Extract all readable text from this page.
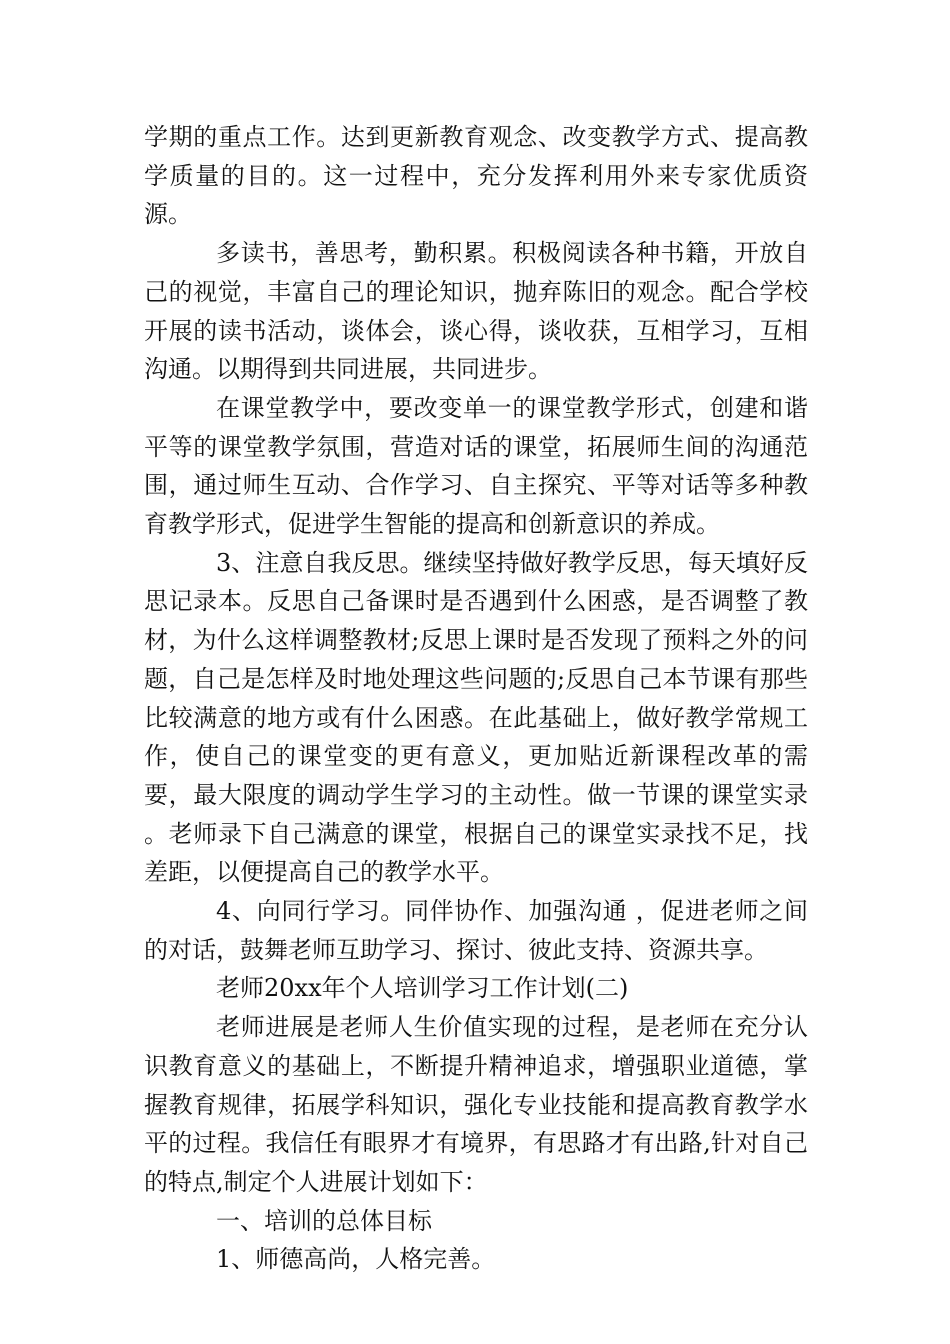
学期的重点工作。达到更新教育观念、改变教学方式、提高教学质量的目的。这一过程中，充分发挥利用外来专家优质资源。

多读书，善思考，勤积累。积极阅读各种书籍，开放自己的视觉，丰富自己的理论知识，抛弃陈旧的观念。配合学校开展的读书活动，谈体会，谈心得，谈收获，互相学习，互相沟通。以期得到共同进展，共同进步。

在课堂教学中，要改变单一的课堂教学形式，创建和谐平等的课堂教学氛围，营造对话的课堂，拓展师生间的沟通范围，通过师生互动、合作学习、自主探究、平等对话等多种教育教学形式，促进学生智能的提高和创新意识的养成。

3、注意自我反思。继续坚持做好教学反思，每天填好反思记录本。反思自己备课时是否遇到什么困惑，是否调整了教材，为什么这样调整教材;反思上课时是否发现了预料之外的问题，自己是怎样及时地处理这些问题的;反思自己本节课有那些比较满意的地方或有什么困惑。在此基础上，做好教学常规工作，使自己的课堂变的更有意义，更加贴近新课程改革的需要，最大限度的调动学生学习的主动性。做一节课的课堂实录 。老师录下自己满意的课堂，根据自己的课堂实录找不足，找差距，以便提高自己的教学水平。

4、向同行学习。同伴协作、加强沟通 ，促进老师之间的对话，鼓舞老师互助学习、探讨、彼此支持、资源共享。

老师20xx年个人培训学习工作计划(二)

老师进展是老师人生价值实现的过程，是老师在充分认识教育意义的基础上，不断提升精神追求，增强职业道德，掌握教育规律，拓展学科知识，强化专业技能和提高教育教学水平的过程。我信任有眼界才有境界，有思路才有出路,针对自己的特点,制定个人进展计划如下：

一、培训的总体目标

1、师德高尚，人格完善。
